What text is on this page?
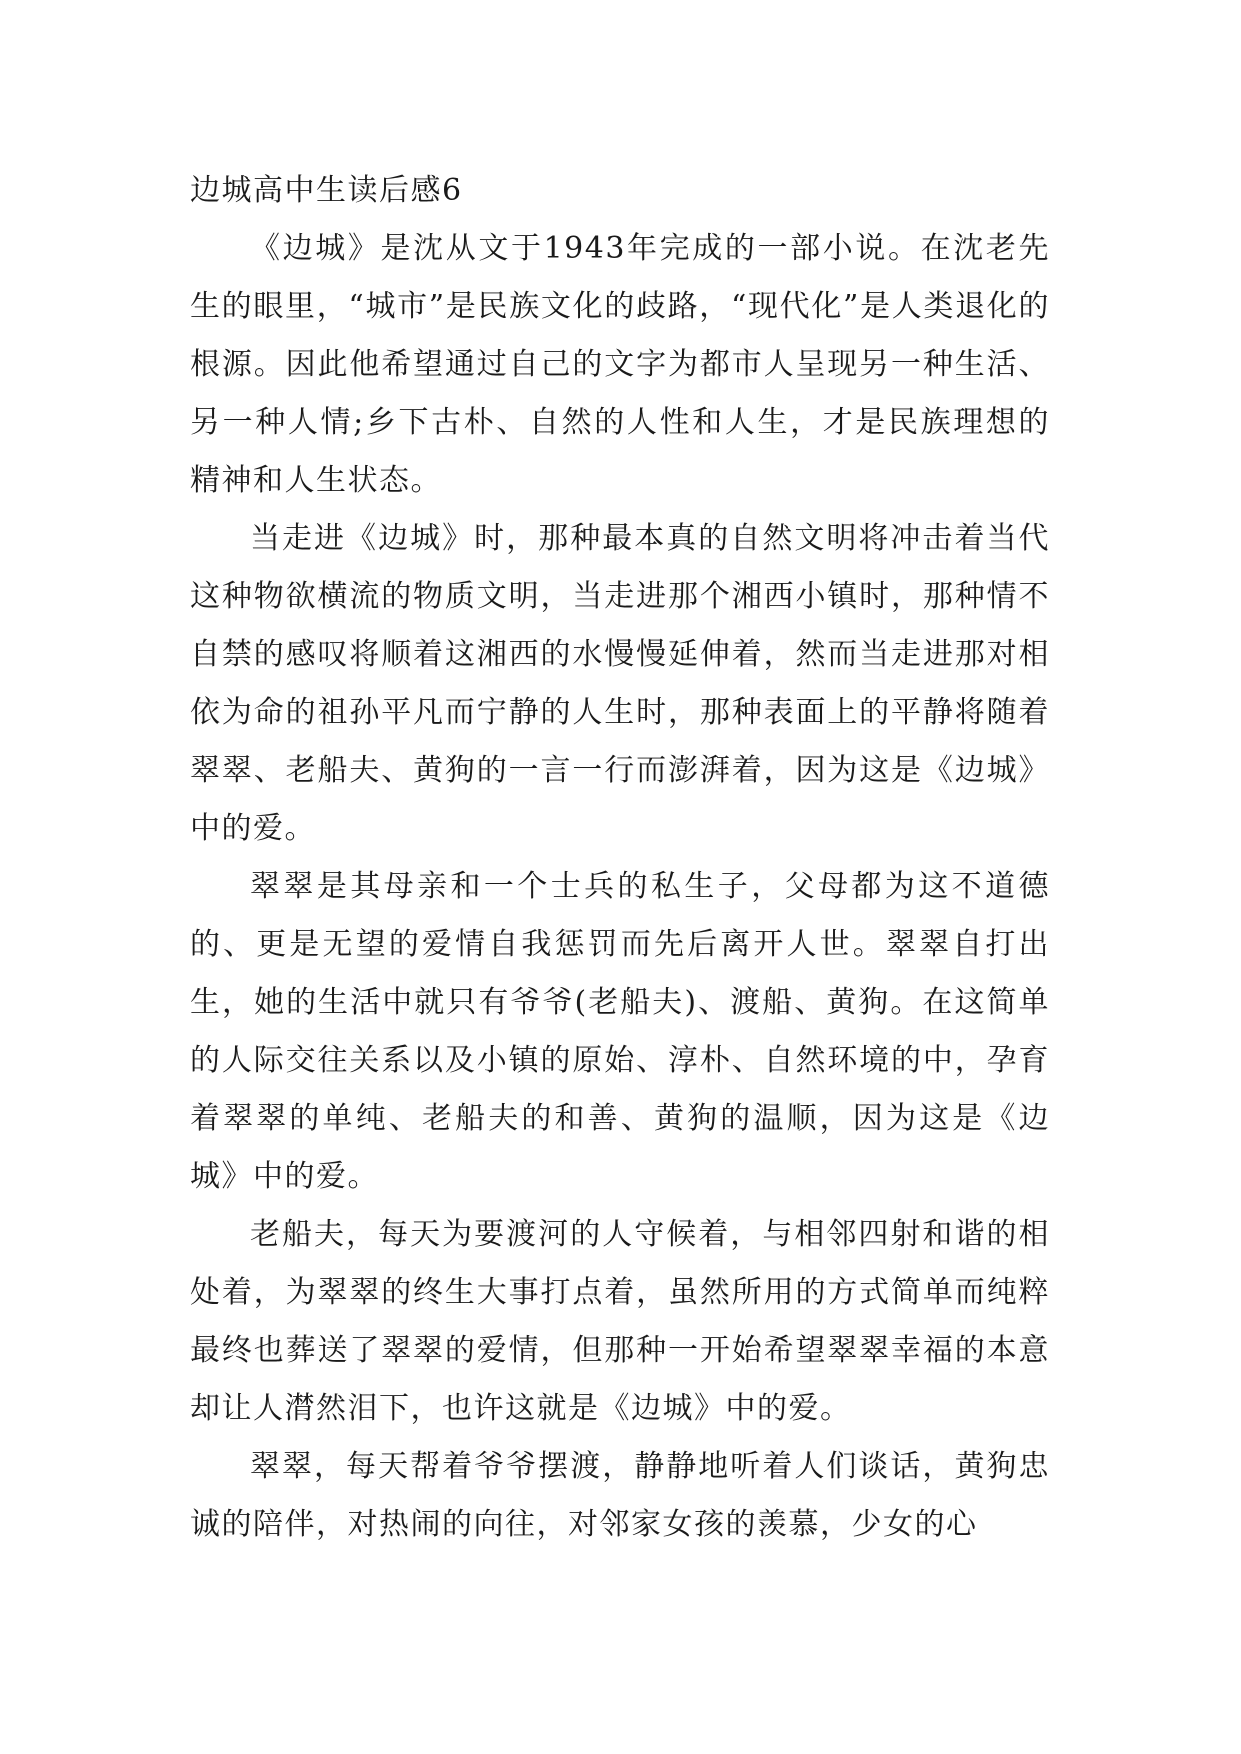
边城高中生读后感6

《边城》是沈从文于1943年完成的一部小说。在沈老先生的眼里，“城市”是民族文化的歧路，“现代化”是人类退化的根源。因此他希望通过自己的文字为都市人呈现另一种生活、另一种人情;乡下古朴、自然的人性和人生，才是民族理想的精神和人生状态。

当走进《边城》时，那种最本真的自然文明将冲击着当代这种物欲横流的物质文明，当走进那个湘西小镇时，那种情不自禁的感叹将顺着这湘西的水慢慢延伸着，然而当走进那对相依为命的祖孙平凡而宁静的人生时，那种表面上的平静将随着翠翠、老船夫、黄狗的一言一行而澎湃着，因为这是《边城》中的爱。

翠翠是其母亲和一个士兵的私生子，父母都为这不道德的、更是无望的爱情自我惩罚而先后离开人世。翠翠自打出生，她的生活中就只有爷爷(老船夫)、渡船、黄狗。在这简单的人际交往关系以及小镇的原始、淳朴、自然环境的中，孕育着翠翠的单纯、老船夫的和善、黄狗的温顺，因为这是《边城》中的爱。

老船夫，每天为要渡河的人守候着，与相邻四射和谐的相处着，为翠翠的终生大事打点着，虽然所用的方式简单而纯粹最终也葬送了翠翠的爱情，但那种一开始希望翠翠幸福的本意却让人潸然泪下，也许这就是《边城》中的爱。

翠翠，每天帮着爷爷摆渡，静静地听着人们谈话，黄狗忠诚的陪伴，对热闹的向往，对邻家女孩的羡慕，少女的心
